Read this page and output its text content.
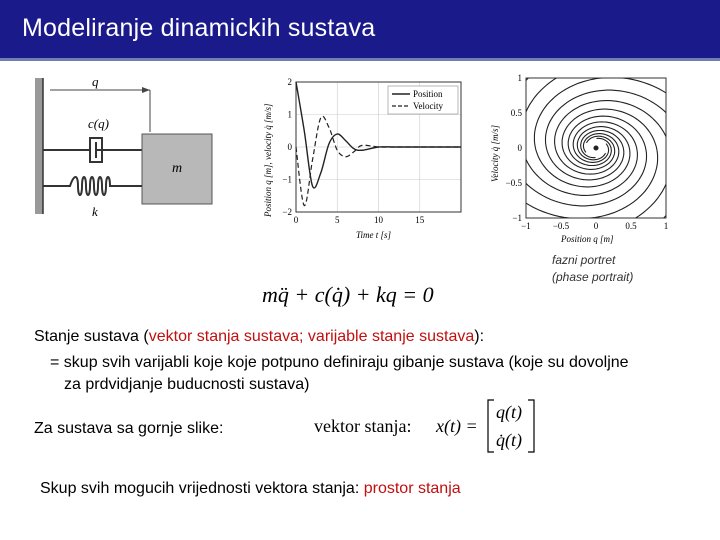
Modeliranje dinamickih sustava
q
c(q)
m
k
2
1
0
−1
−2
0	5	10	15
Position
Velocity
Time t [s]
Position q [m], velocity q̇ [m/s]
1
0.5
0
−0.5
−1
−1 −0.5	0	0.5	1
Position q [m]
Velocity q̇ [m/s]
fazni portret
(phase portrait)
mq̈ + c(q̇) + kq = 0
Stanje sustava (vektor stanja sustava; varijable stanje sustava):
= skup svih varijabli koje koje potpuno definiraju gibanje sustava (koje su dovoljne
za prdvidjanje buducnosti sustava)
Za sustava sa gornje slike:	vektor stanja: x(t) =
q(t)
q̇(t)
Skup svih mogucih vrijednosti vektora stanja: prostor stanja
